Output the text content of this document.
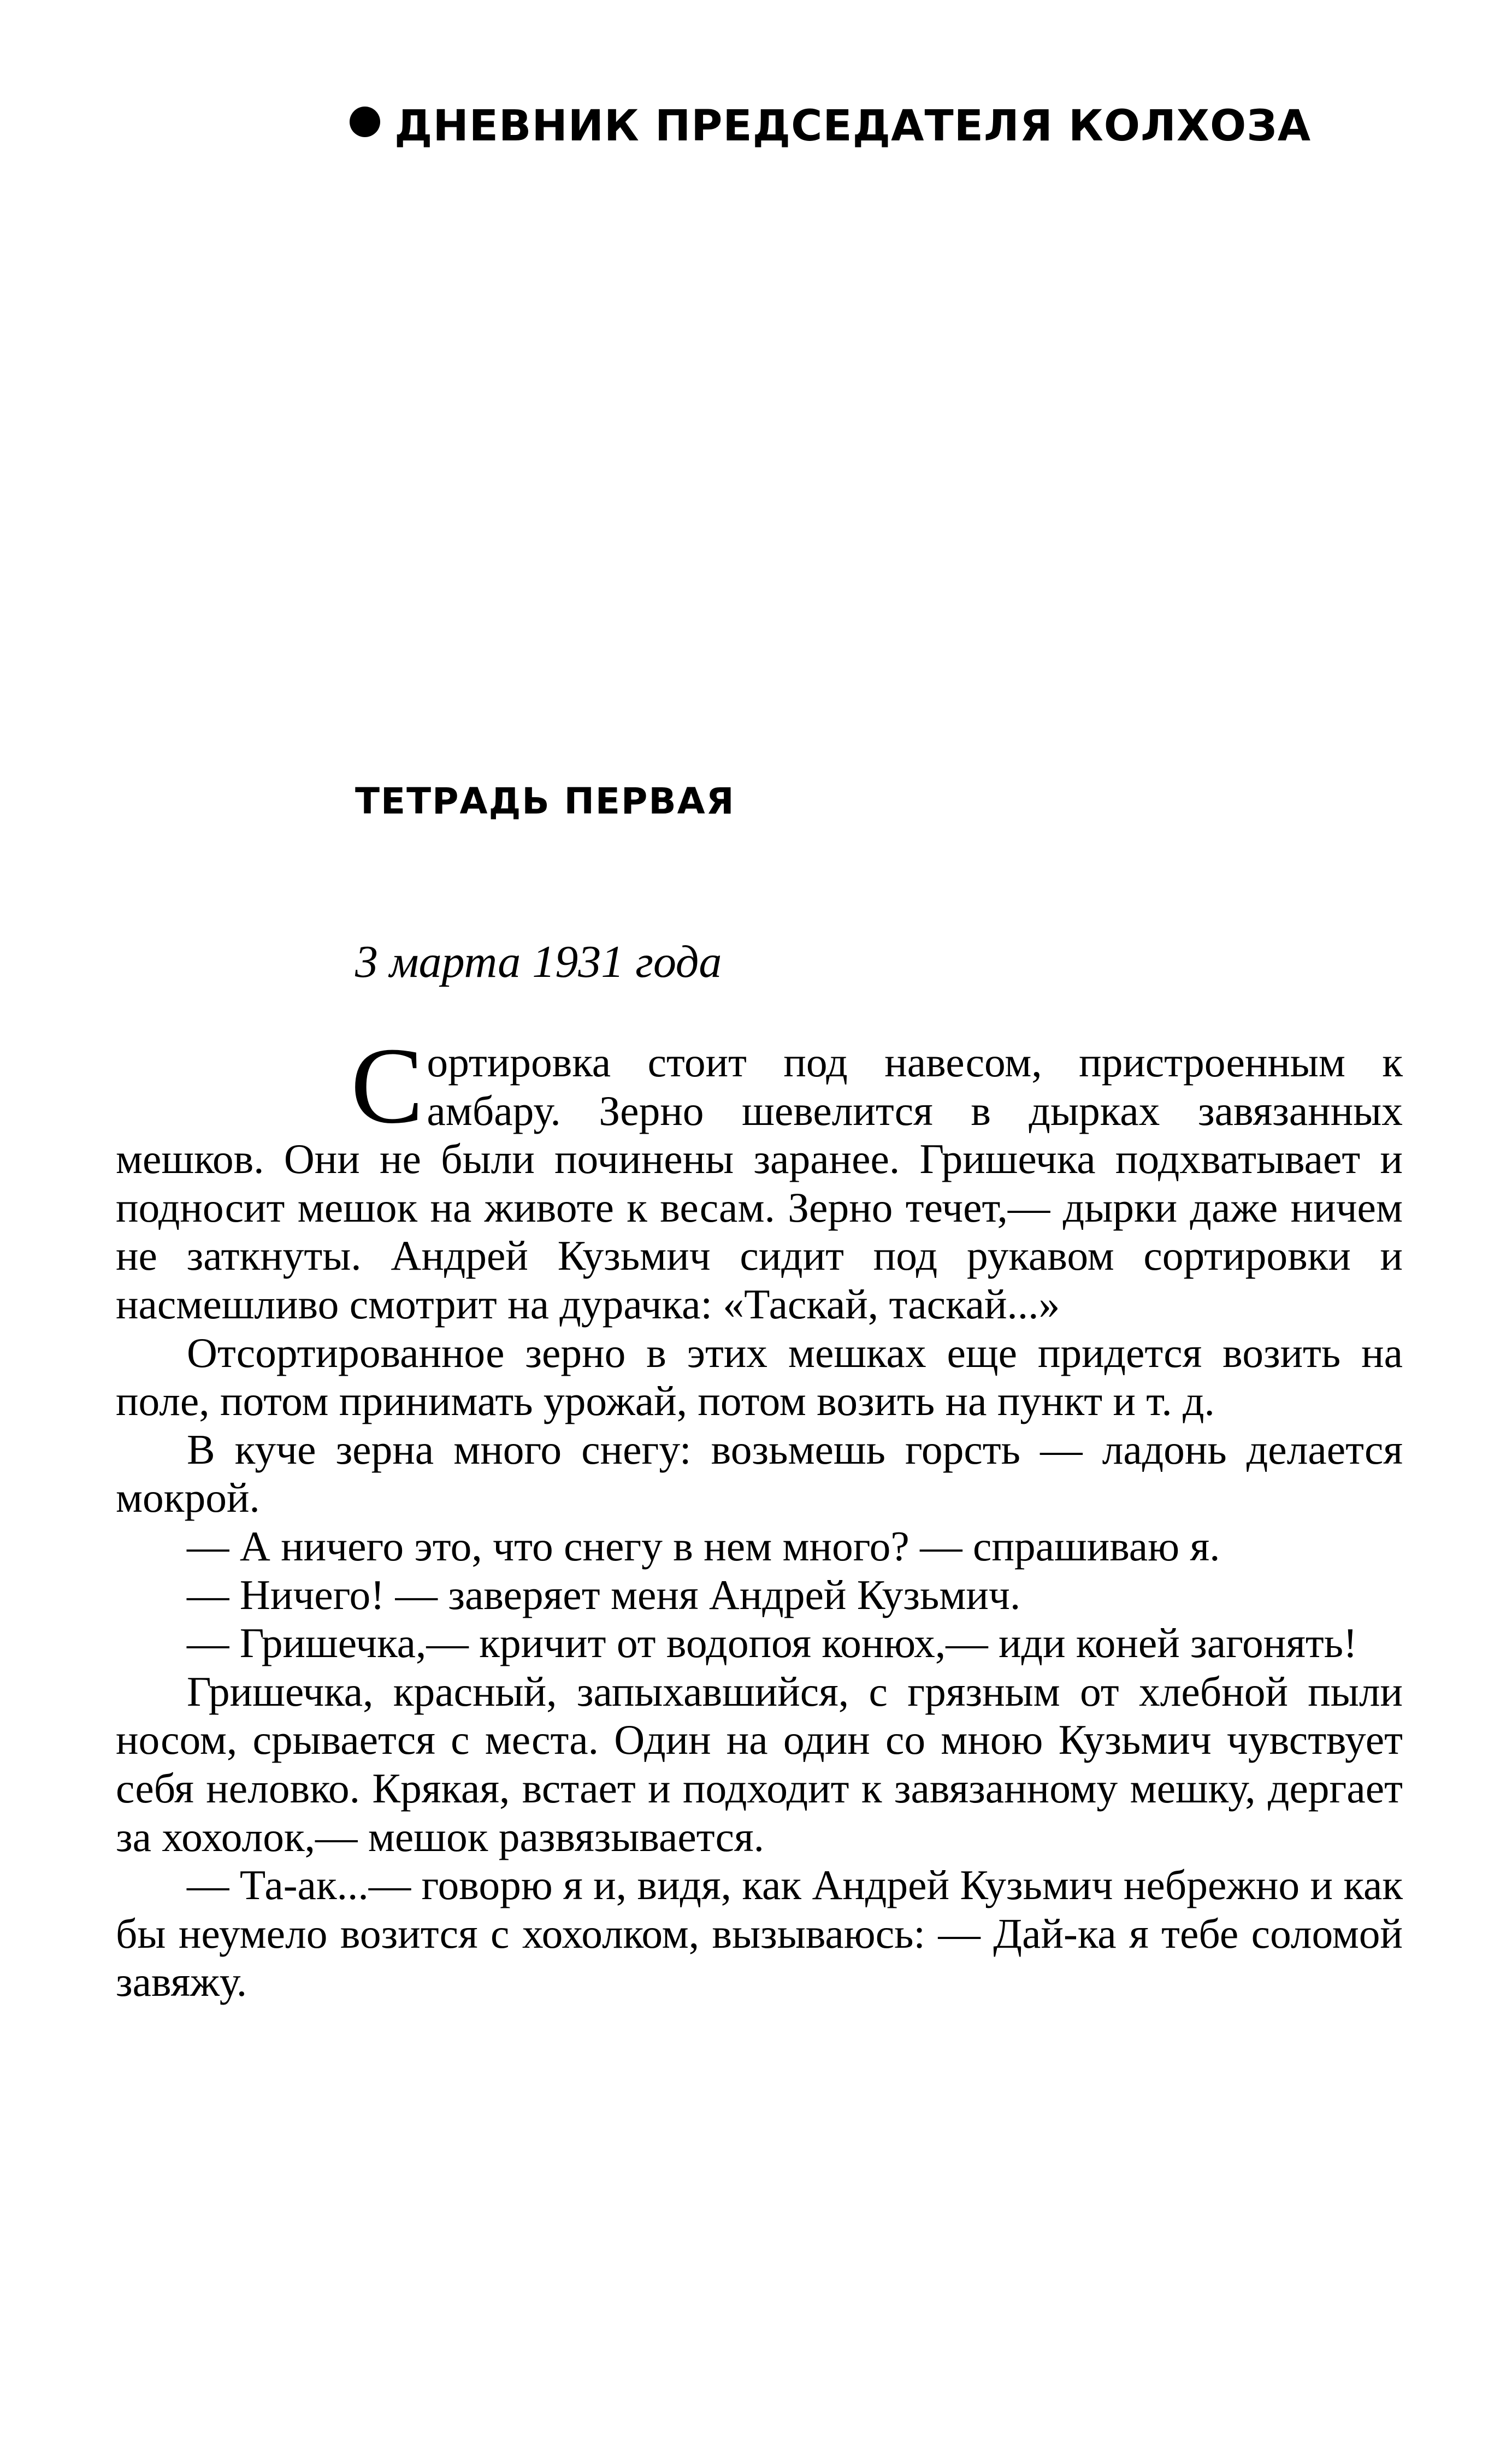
ДНЕВНИК ПРЕДСЕДАТЕЛЯ КОЛХОЗА
ТЕТРАДЬ ПЕРВАЯ
3 марта 1931 года

Сортировка стоит под навесом, пристроенным к амбару. Зерно шевелится в дырках завязанных мешков. Они не были починены заранее. Гришечка подхватывает и подносит мешок на животе к весам. Зерно течет,— дырки даже ничем не заткнуты. Андрей Кузьмич сидит под рукавом сортировки и насмешливо смотрит на дурачка: «Таскай, таскай...»

Отсортированное зерно в этих мешках еще придется возить на поле, потом принимать урожай, потом возить на пункт и т. д.

В куче зерна много снегу: возьмешь горсть — ладонь делается мокрой.

— А ничего это, что снегу в нем много? — спрашиваю я.

— Ничего! — заверяет меня Андрей Кузьмич.

— Гришечка,— кричит от водопоя конюх,— иди коней загонять!

Гришечка, красный, запыхавшийся, с грязным от хлебной пыли носом, срывается с места. Один на один со мною Кузьмич чувствует себя неловко. Крякая, встает и подходит к завязанному мешку, дергает за хохолок,— мешок развязывается.

— Та-ак...— говорю я и, видя, как Андрей Кузьмич небрежно и как бы неумело возится с хохолком, вызываюсь: — Дай-ка я тебе соломой завяжу.
